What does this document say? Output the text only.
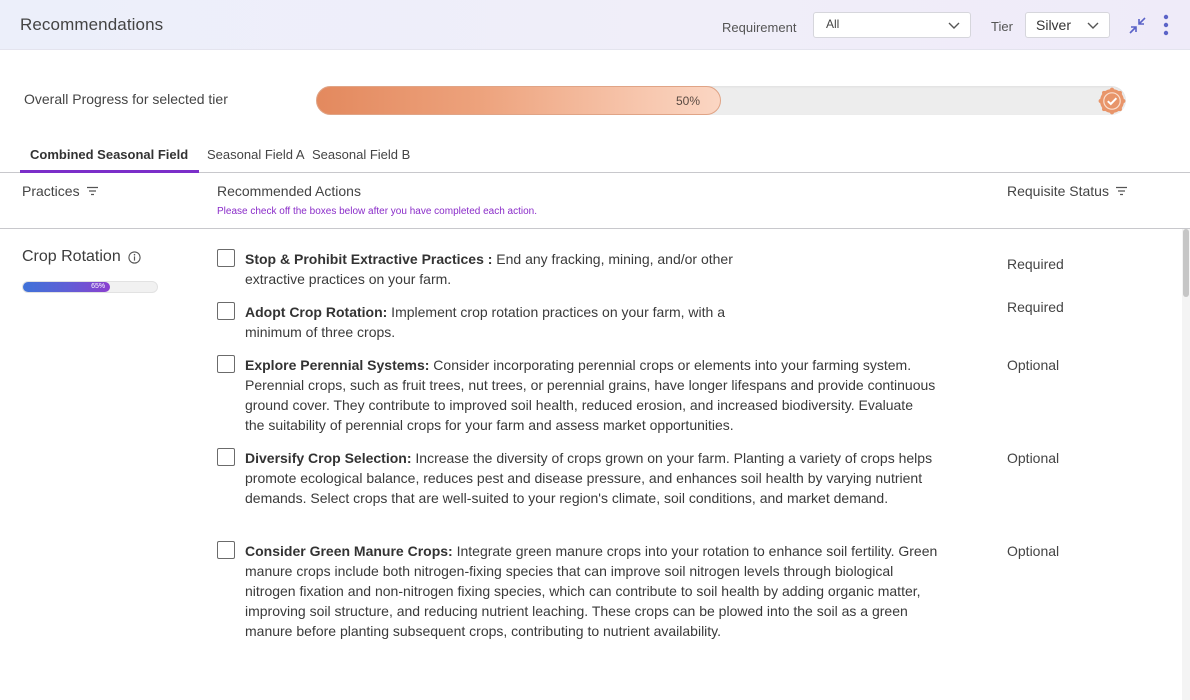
Recommendations	Requirement All	Tier Silver
Overall Progress for selected tier	50%
Combined Seasonal Field Seasonal Field A Seasonal Field B
Practices	Recommended Actions
Please check off the boxes below after you have completed each action.
Requisite Status
Crop Rotation
65%
Stop & Prohibit Extractive Practices : End any fracking, mining, and/or other
extractive practices on your farm.
Required
Adopt Crop Rotation: Implement crop rotation practices on your farm, with a
minimum of three crops.
Required
Explore Perennial Systems: Consider incorporating perennial crops or elements into your farming system.
Perennial crops, such as fruit trees, nut trees, or perennial grains, have longer lifespans and provide continuous
ground cover. They contribute to improved soil health, reduced erosion, and increased biodiversity. Evaluate
the suitability of perennial crops for your farm and assess market opportunities.
Optional
Diversify Crop Selection: Increase the diversity of crops grown on your farm. Planting a variety of crops helps
promote ecological balance, reduces pest and disease pressure, and enhances soil health by varying nutrient
demands. Select crops that are well-suited to your region's climate, soil conditions, and market demand.
Optional
Consider Green Manure Crops: Integrate green manure crops into your rotation to enhance soil fertility. Green
manure crops include both nitrogen-fixing species that can improve soil nitrogen levels through biological
nitrogen fixation and non-nitrogen fixing species, which can contribute to soil health by adding organic matter,
improving soil structure, and reducing nutrient leaching. These crops can be plowed into the soil as a green
manure before planting subsequent crops, contributing to nutrient availability.
Optional
